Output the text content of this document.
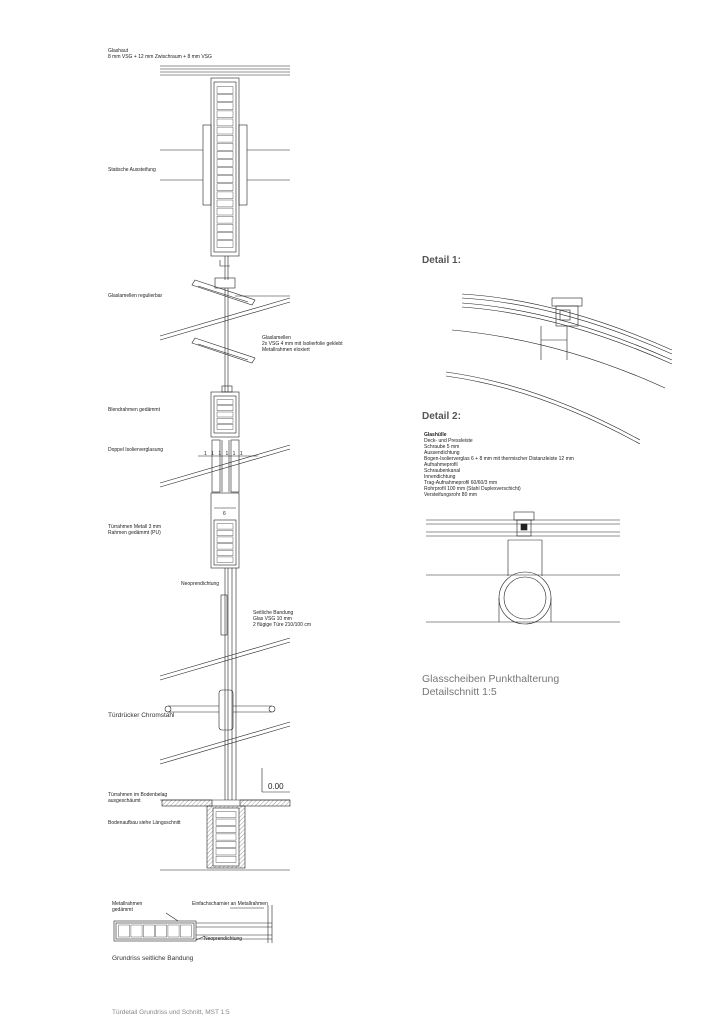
Glashaut
8 mm VSG + 12 mm Zwischraum + 8 mm VSG
Statische Aussteifung
Glaslamellen regulierbar
Glaslamellen
2x VSG 4 mm mit Isolierfolie geklebt
Metallrahmen eloxiert
Blendrahmen gedämmt
Doppel Isolierverglasung
1 1 1 1 1 1
Türrahmen Metall 3 mm
Rahmen gedämmt (PU)
6
Neoprendichtung
Seitliche Bandung
Glas VSG 10 mm
2 flügige Türe 210/100 cm
Türdrücker Chromstahl
0.00
Türrahmen im Bodenbelag
ausgeschäumt
Bodenaufbau siehe Längsschnitt
Metallrahmen
gedämmt
Einfachscharnier an Metallrahmen
Neoprendichtung
Grundriss seitliche Bandung
Türdetail Grundriss und Schnitt, MST 1:5
Detail 1:
Detail 2:
Glashülle
Deck- und Pressleiste
Schraube 5 mm
Aussendichtung
Bogen-Isolierverglas 6 + 8 mm mit thermischer Distanzleiste 12 mm
Aufnahmeprofil
Schraubenkanal
Innendichtung
Trag-Aufnahmeprofil 60/60/3 mm
Rohrprofil 100 mm (Stahl Duplexverschicht)
Versteifungsrohr 80 mm
Glasscheiben Punkthalterung
Detailschnitt 1:5
